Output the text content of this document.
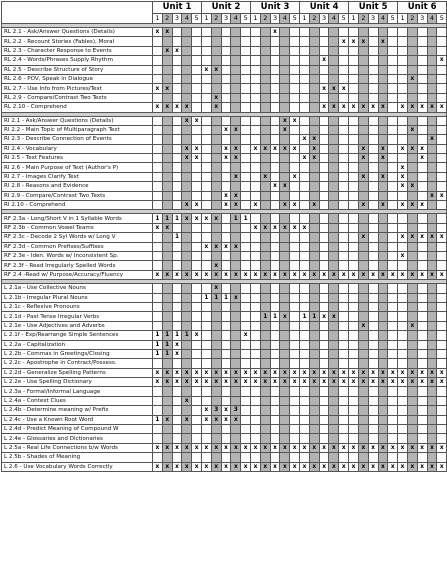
	Unit 1					Unit 2					Unit 3					Unit 4					Unit 5					Unit 6				
	1	2	3	4	5	1	2	3	4	5	1	2	3	4	5	1	2	3	4	5	1	2	3	4	5	1	2	3	4	5

RL 2.1 - Ask/Answer Questions (Details)	x	x											x																	
RL 2.2 - Recount Stories (Fables), Moral																				x	x	x		x						
RL 2.3 - Character Response to Events		x	x																											
RL 2.4 - Words/Phrases Supply Rhythm																		x												x
RL 2.5 - Describe Structure of Story						x	x																							
RL 2.6 - POV, Speak in Dialogue																											x			
RL 2.7 - Use Info from Pictures/Text	x	x																x	x	x										
RL 2.9 - Compare/Contrast Two Texts							x																							
RL 2.10 - Comprehend	x	x	x	x			x											x	x	x	x	x	x	x		x	x	x	x	x

RI 2.1 - Ask/Answer Questions (Details)				x	x									x	x															
RI 2.2 - Main Topic of Multiparagraph Text								x	x					x													x			
RI 2.3 - Describe Connection of Events																x	x												x	
RI 2.4 - Vocabulary				x	x			x	x		x	x	x	x	x		x					x		x		x	x	x		
RI 2.5 - Text Features				x	x			x	x							x	x					x		x				x		
RI 2.6 - Main Purpose of Text (Author's P)																										x				
RI 2.7 - Images Clarify Text									x			x			x							x		x		x				
RI 2.8 - Reasons and Evidence													x	x												x	x			
RI 2.9 - Compare/Contrast Two Texts								x	x																				x	x
RI 2.10 - Comprehend				x	x			x	x		x			x	x		x					x		x		x	x	x		

RF 2.3a - Long/Short V in 1 Syllable Words	1	1	1	x	x	x	x		1	1																				
RF 2.3b - Common Vowel Teams	x	x									x	x	x	x	x	x														
RF 2.3c - Decode 2 Syl Words w/ Long V			1																			x				x	x	x	x	x
RF 2.3d - Common Prefixes/Suffixes						x	x	x	x																					
RF 2.3e - Iden. Words w/ Inconsistent Sp.																										x				
RF 2.3f - Read Irregularly Spelled Words							x																							
RF 2.4 -Read w/ Purpose/Accuracy/Fluency	x	x	x	x	x	x	x	x	x	x	x	x	x	x	x	x	x	x	x	x	x	x	x	x	x	x	x	x	x	x

L 2.1a - Use Collective Nouns							x																							
L 2.1b - Irregular Plural Nouns						1	1	1	x																					
L 2.1c - Reflexive Pronouns																														
L 2.1d - Past Tense Irregular Verbs												1	1	x		1	1	x	x											
L 2.1e - Use Adjectives and Adverbs																						x					x			
L 2.1f - Exp/Rearrange Simple Sentences	1	1	1	1	x					x																				
L 2.2a - Capitalization	1	1	x																											
L 2.2b - Commas in Greetings/Closing	1	1	x																											
L 2.2c - Apostrophe in Contract/Possess.																														
L 2.2d - Generalize Spelling Patterns	x	x	x	x	x	x	x	x	x	x	x	x	x	x	x	x	x	x	x	x	x	x	x	x	x	x	x	x	x	x
L 2.2e - Use Spelling Dictionary	x	x	x	x	x	x	x	x	x	x	x	x	x	x	x	x	x	x	x	x	x	x	x	x	x	x	x	x	x	x
L 2.3a - Formal/Informal Language																														
L 2.4a - Context Clues				x																										
L 2.4b - Determine meaning w/ Prefix						x	3	x	3																					
L 2.4c - Use a Known Root Word	1	x		x		x	x	x	x																					
L 2.4d - Predict Meaning of Compound W																														
L 2.4e - Glossaries and Dictionaries																														
L 2.5a - Real Life Connections b/w Words	x	x	x	x	x	x	x	x	x	x	x	x	x	x	x	x	x	x	x	x	x	x	x	x	x	x	x	x	x	x
L 2.5b - Shades of Meaning																														
L 2.6 - Use Vocabulary Words Correctly	x	x	x	x	x	x	x	x	x	x	x	x	x	x	x	x	x	x	x	x	x	x	x	x	x	x	x	x	x	x
